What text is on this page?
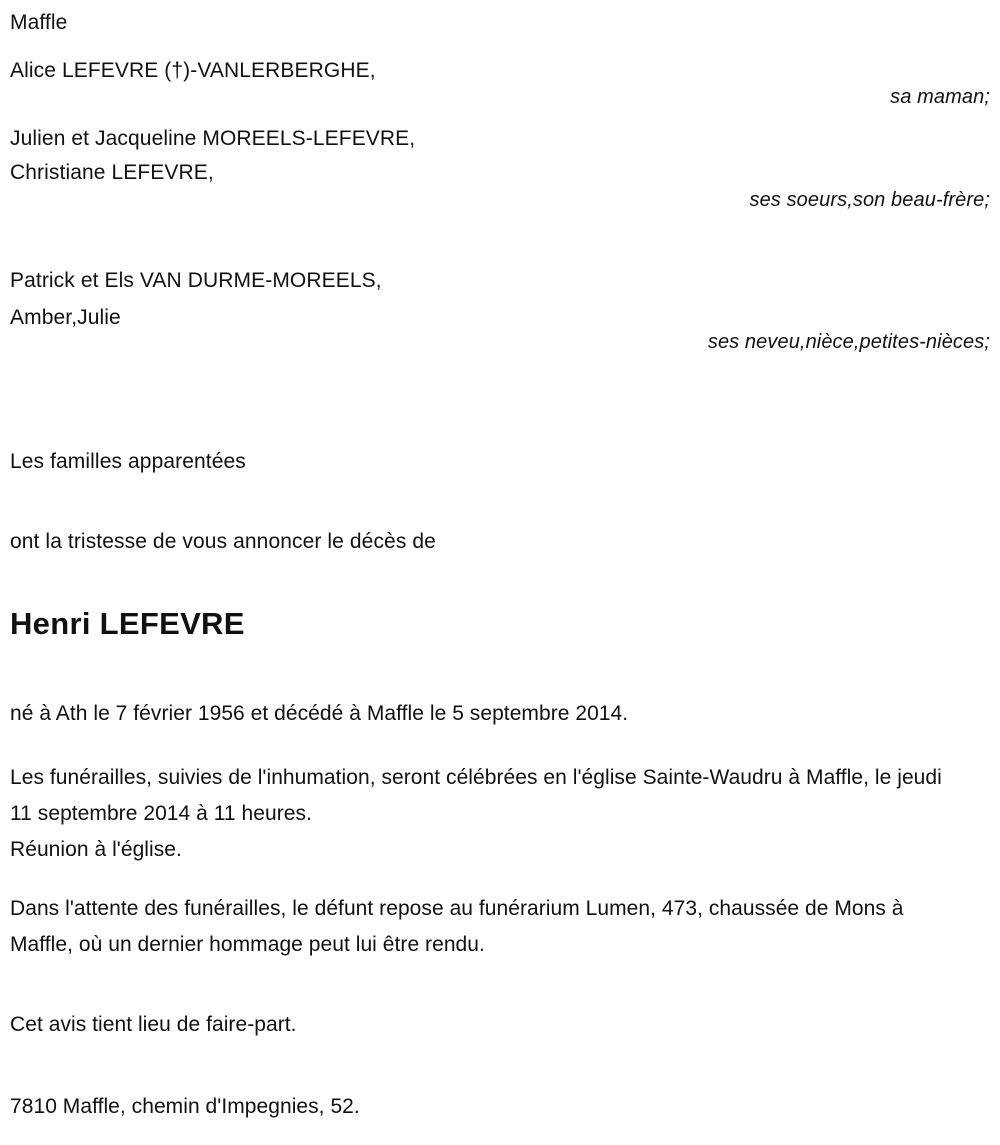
Maffle
Alice LEFEVRE (†)-VANLERBERGHE,
sa maman;
Julien et Jacqueline MOREELS-LEFEVRE,
Christiane LEFEVRE,
ses soeurs,son beau-frère;
Patrick et Els VAN DURME-MOREELS,
Amber,Julie
ses neveu,nièce,petites-nièces;
Les familles apparentées
ont la tristesse de vous annoncer le décès de
Henri LEFEVRE
né à Ath le 7 février 1956 et décédé à Maffle le 5 septembre 2014.
Les funérailles, suivies de l'inhumation, seront célébrées en l'église Sainte-Waudru à Maffle, le jeudi 11 septembre 2014 à 11 heures.
Réunion à l'église.
Dans l'attente des funérailles, le défunt repose au funérarium Lumen, 473, chaussée de Mons à Maffle, où un dernier hommage peut lui être rendu.
Cet avis tient lieu de faire-part.
7810 Maffle, chemin d'Impegnies, 52.
